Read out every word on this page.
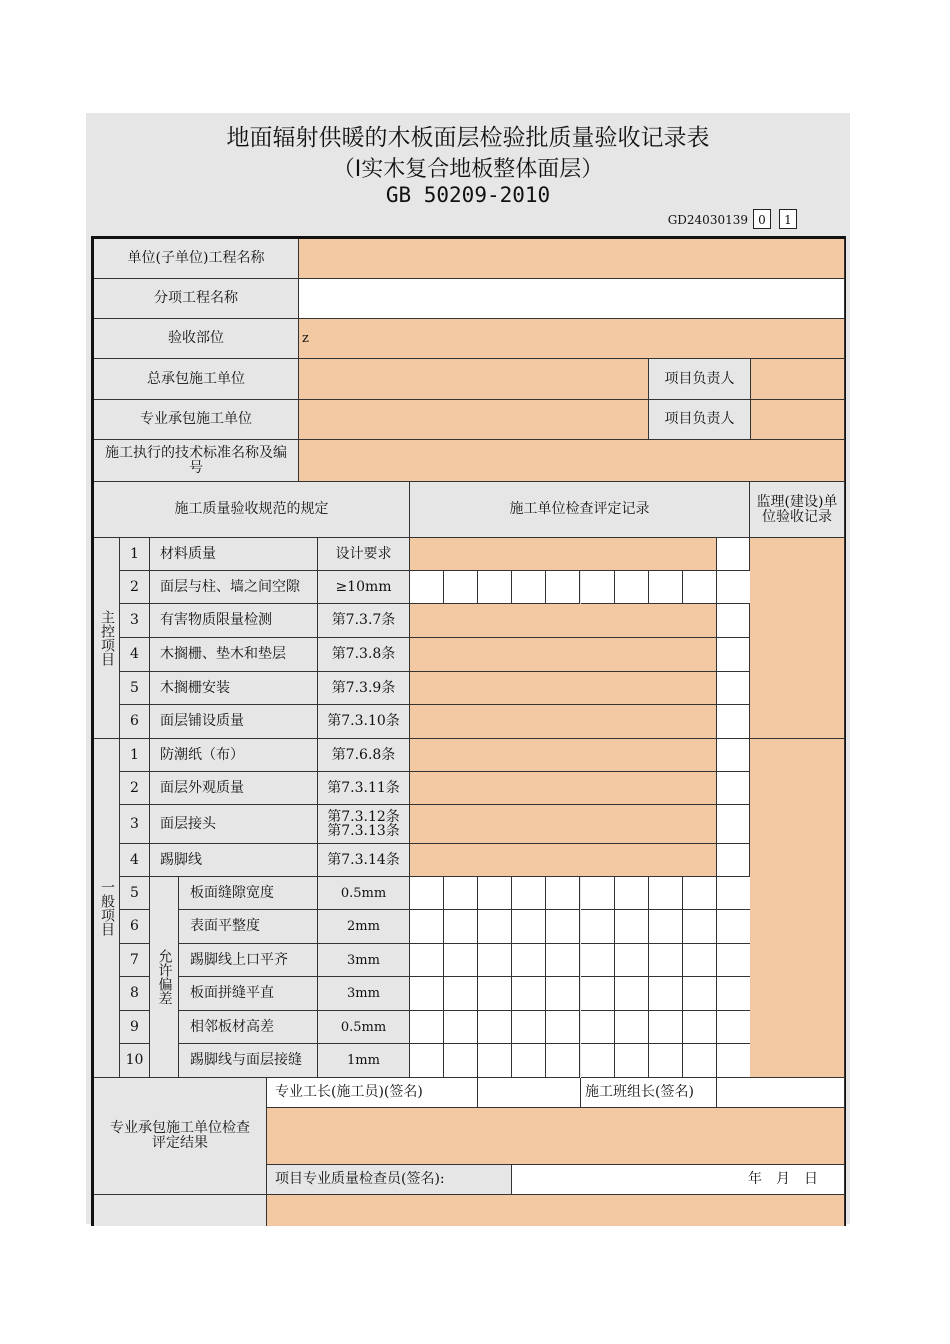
地面辐射供暖的木板面层检验批质量验收记录表
（Ⅰ实木复合地板整体面层）
GB 50209-2010
GD24030139 0	1
单位(子单位)工程名称
分项工程名称
验收部位	z
总承包施工单位	项目负责人
专业承包施工单位	项目负责人
施工执行的技术标准名称及编号
施工质量验收规范的规定	施工单位检查评定记录	监理(建设)单位验收记录
主控项目
1	材料质量	设计要求
2	面层与柱、墙之间空隙	≥10mm
3	有害物质限量检测	第7.3.7条
4	木搁栅、垫木和垫层	第7.3.8条
5	木搁栅安装	第7.3.9条
6	面层铺设质量	第7.3.10条
一般项目
允许偏差
1	防潮纸（布）	第7.6.8条
2	面层外观质量	第7.3.11条
3	面层接头	第7.3.12条
第7.3.13条
4	踢脚线	第7.3.14条
5	板面缝隙宽度	0.5mm
6	表面平整度	2mm
7	踢脚线上口平齐	3mm
8	板面拼缝平直	3mm
9	相邻板材高差	0.5mm
10	踢脚线与面层接缝	1mm
专业承包施工单位检查评定结果
专业工长(施工员)(签名)	施工班组长(签名)
项目专业质量检查员(签名):	年　月　日
